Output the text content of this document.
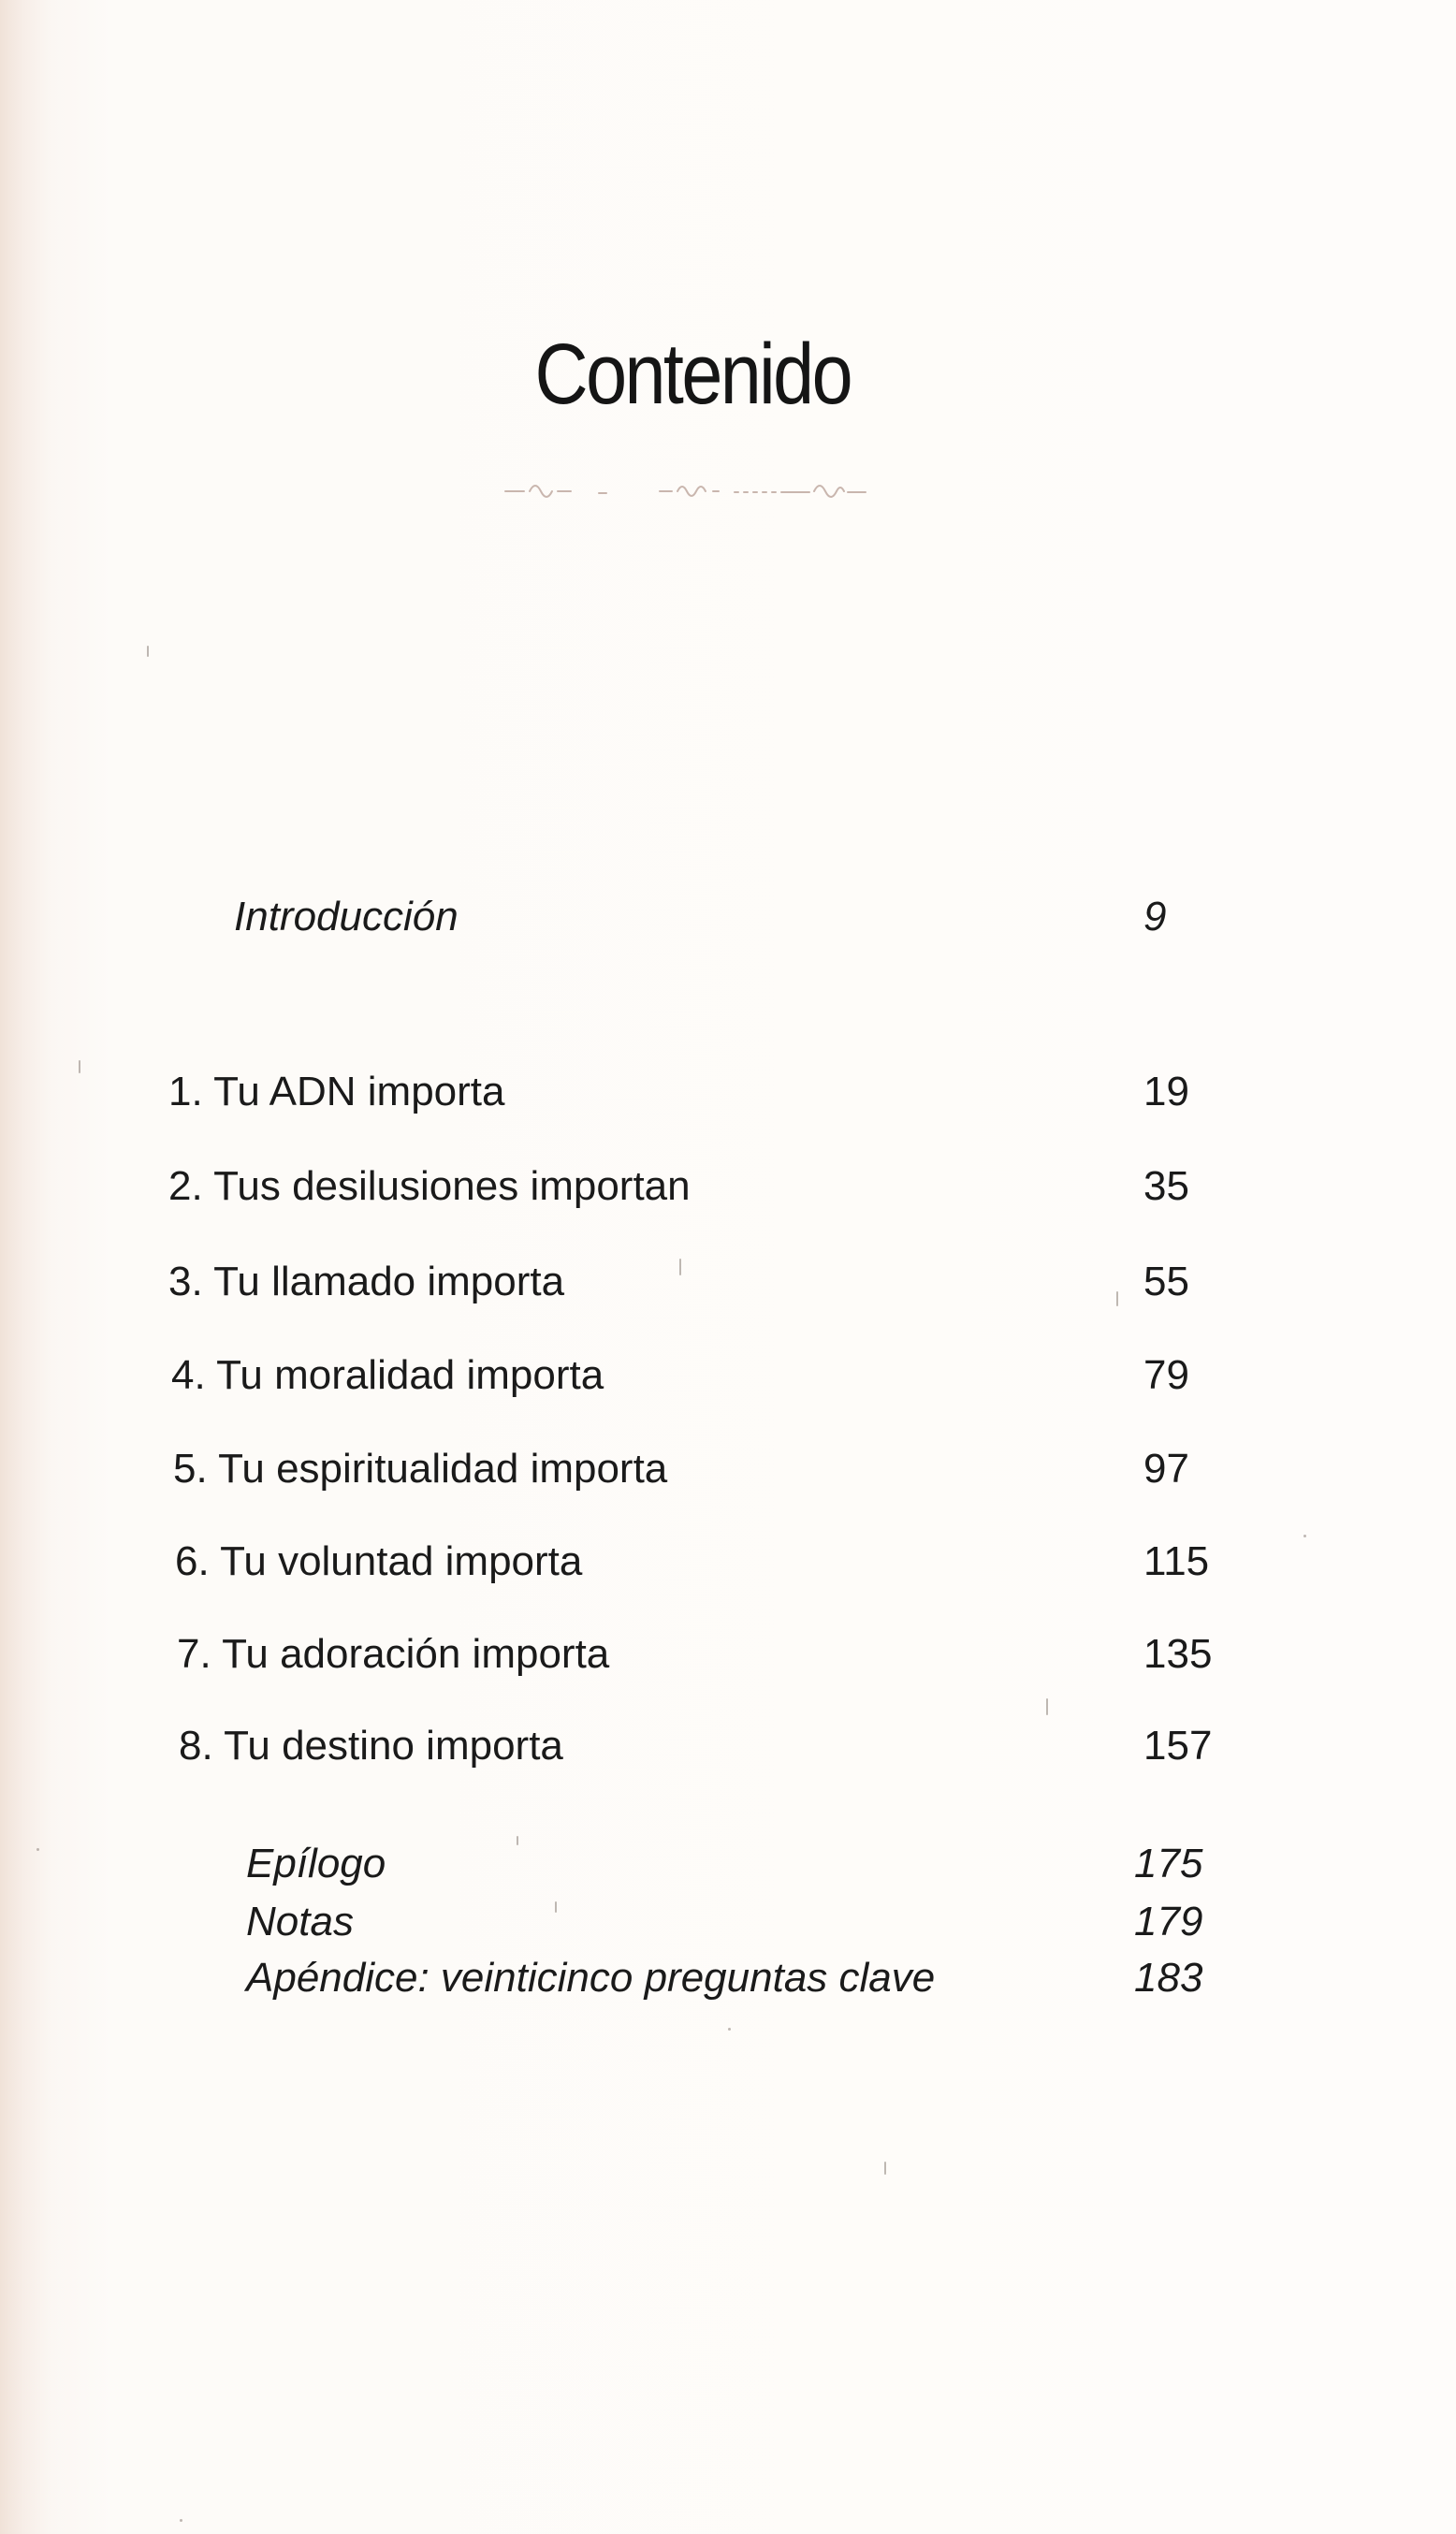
Contenido
Introducción	9
1. Tu ADN importa	19
2. Tus desilusiones importan	35
3. Tu llamado importa	55
4. Tu moralidad importa	79
5. Tu espiritualidad importa	97
6. Tu voluntad importa	115
7. Tu adoración importa	135
8. Tu destino importa	157
Epílogo	175
Notas	179
Apéndice: veinticinco preguntas clave	183
